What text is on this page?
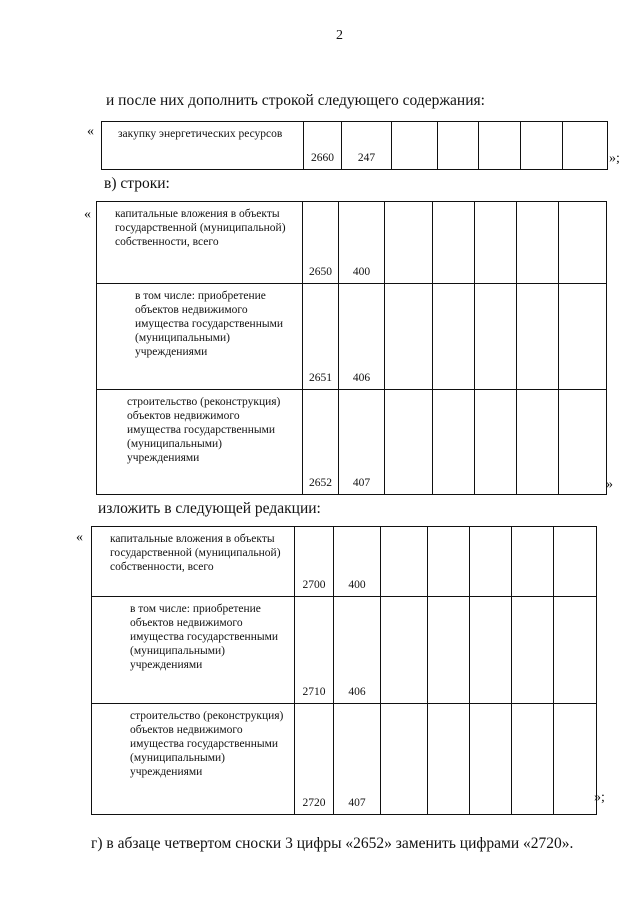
2
и после них дополнить строкой следующего содержания:
« закупку энергетических ресурсов	2660	247						»;
в) строки:
« капитальные вложения в объекты государственной (муниципальной) собственности, всего	2650	400					
в том числе: приобретение объектов недвижимого имущества государственными (муниципальными) учреждениями	2651	406					
строительство (реконструкция) объектов недвижимого имущества государственными (муниципальными) учреждениями	2652	407						»
изложить в следующей редакции:
« капитальные вложения в объекты государственной (муниципальной) собственности, всего	2700	400					
в том числе: приобретение объектов недвижимого имущества государственными (муниципальными) учреждениями	2710	406					
строительство (реконструкция) объектов недвижимого имущества государственными (муниципальными) учреждениями	2720	407						»;
г) в абзаце четвертом сноски 3 цифры «2652» заменить цифрами «2720».
